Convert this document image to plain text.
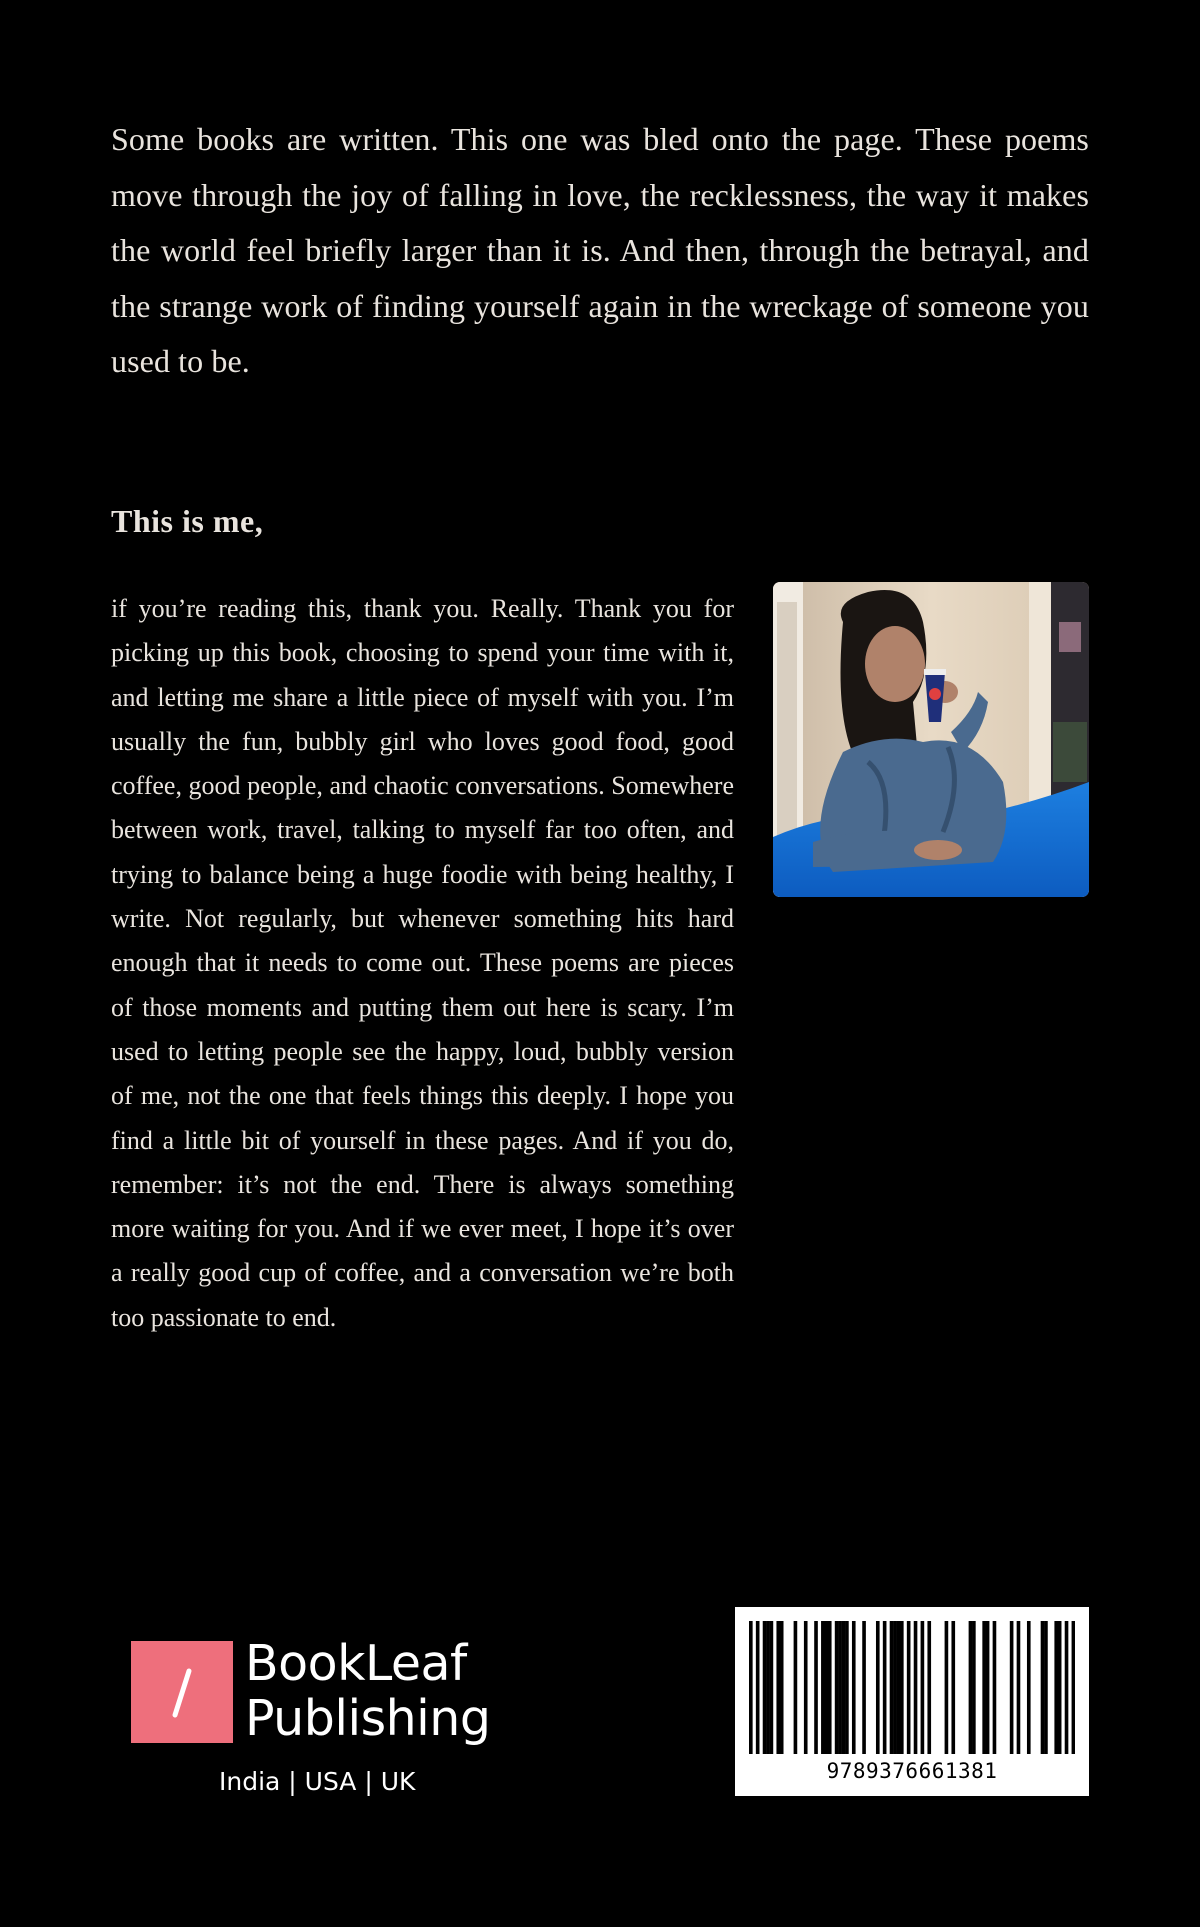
Some books are written. This one was bled onto the page. These poems move through the joy of falling in love, the recklessness, the way it makes the world feel briefly larger than it is. And then, through the betrayal, and the strange work of finding yourself again in the wreckage of someone you used to be.

This is me,

if you’re reading this, thank you. Really. Thank you for picking up this book, choosing to spend your time with it, and letting me share a little piece of myself with you. I’m usually the fun, bubbly girl who loves good food, good coffee, good people, and chaotic conversations. Somewhere between work, travel, talking to myself far too often, and trying to balance being a huge foodie with being healthy, I write. Not regularly, but whenever something hits hard enough that it needs to come out. These poems are pieces of those moments and putting them out here is scary. I’m used to letting people see the happy, loud, bubbly version of me, not the one that feels things this deeply. I hope you find a little bit of yourself in these pages. And if you do, remember: it’s not the end. There is always something more waiting for you. And if we ever meet, I hope it’s over a really good cup of coffee, and a conversation we’re both too passionate to end.

BookLeaf
Publishing
India | USA | UK	9789376661381
